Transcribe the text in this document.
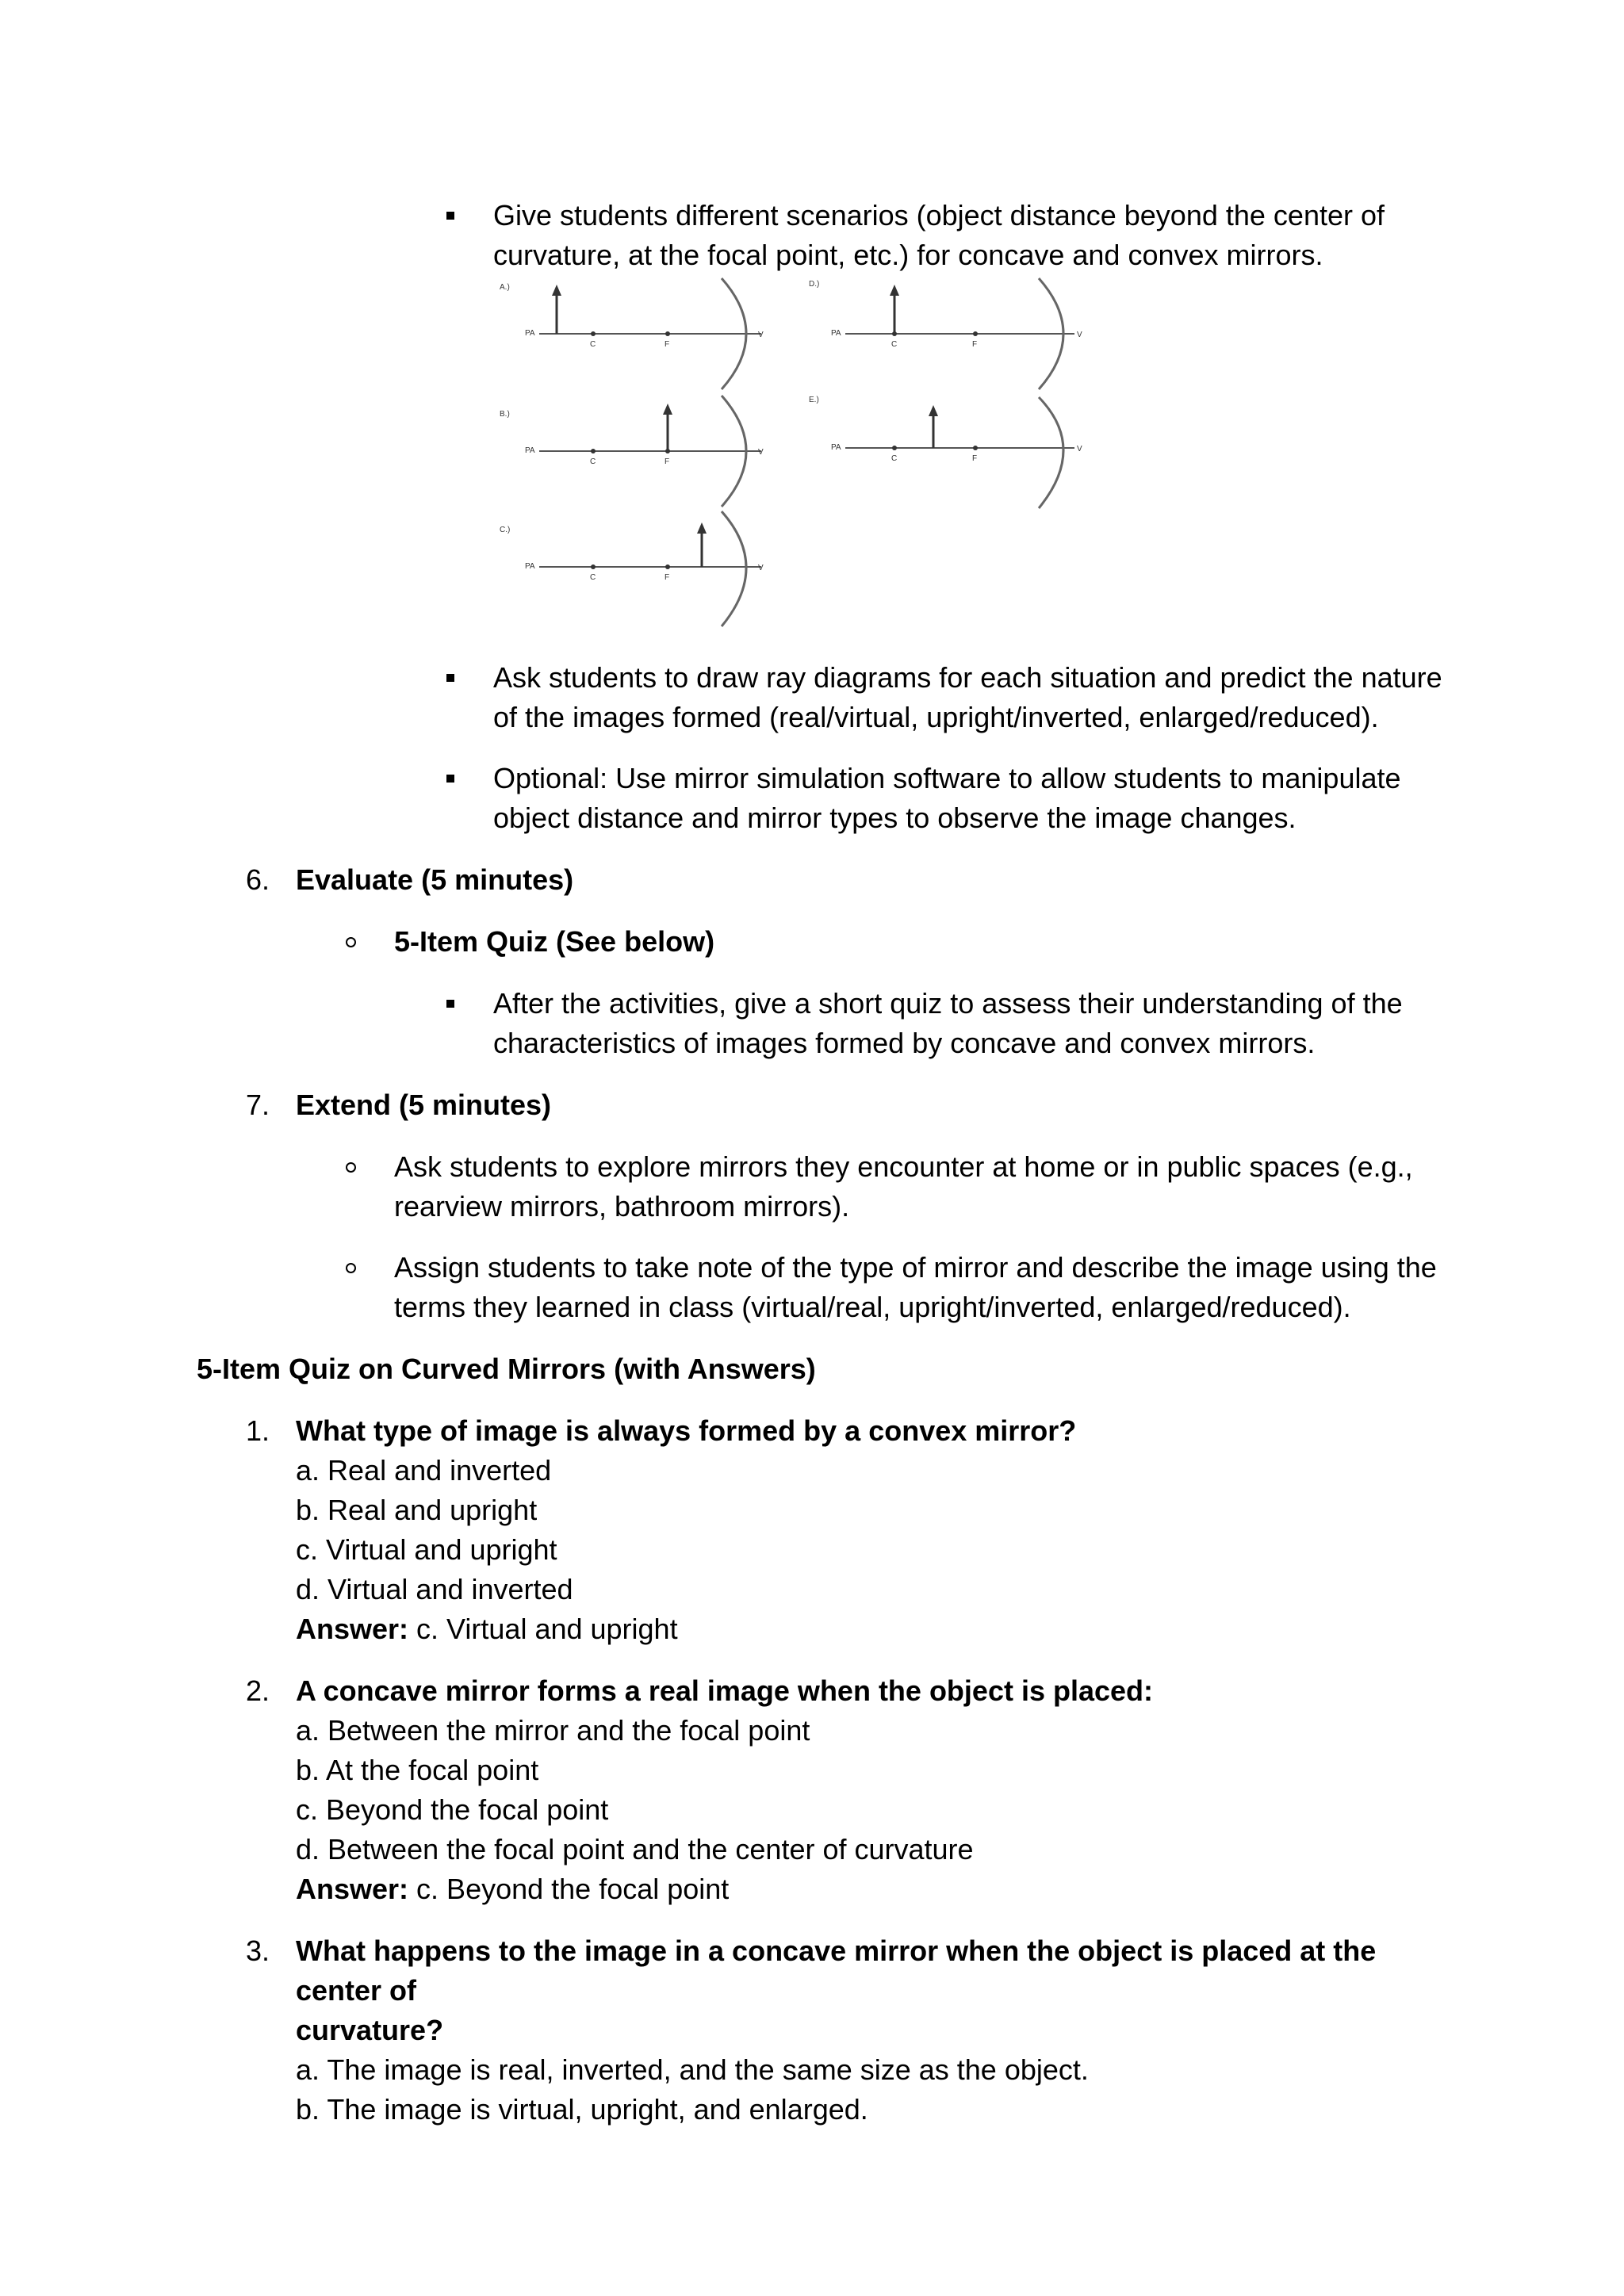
Give students different scenarios (object distance beyond the center of curvature, at the focal point, etc.) for concave and convex mirrors.
A.)
PA
C	F
V
B.)
PA
C	F
V
C.)
PA
C	F
V
D.)
PA
C	F
V
E.)
PA
C	F
V
Ask students to draw ray diagrams for each situation and predict the nature of the images formed (real/virtual, upright/inverted, enlarged/reduced).
Optional: Use mirror simulation software to allow students to manipulate object distance and mirror types to observe the image changes.
6. Evaluate (5 minutes)
5-Item Quiz (See below)
After the activities, give a short quiz to assess their understanding of the characteristics of images formed by concave and convex mirrors.
7. Extend (5 minutes)
Ask students to explore mirrors they encounter at home or in public spaces (e.g., rearview mirrors, bathroom mirrors).
Assign students to take note of the type of mirror and describe the image using the terms they learned in class (virtual/real, upright/inverted, enlarged/reduced).
5-Item Quiz on Curved Mirrors (with Answers)
1. What type of image is always formed by a convex mirror?
a. Real and inverted
b. Real and upright
c. Virtual and upright
d. Virtual and inverted
Answer: c. Virtual and upright
2. A concave mirror forms a real image when the object is placed:
a. Between the mirror and the focal point
b. At the focal point
c. Beyond the focal point
d. Between the focal point and the center of curvature
Answer: c. Beyond the focal point
3. What happens to the image in a concave mirror when the object is placed at the center of
curvature?
a. The image is real, inverted, and the same size as the object.
b. The image is virtual, upright, and enlarged.
